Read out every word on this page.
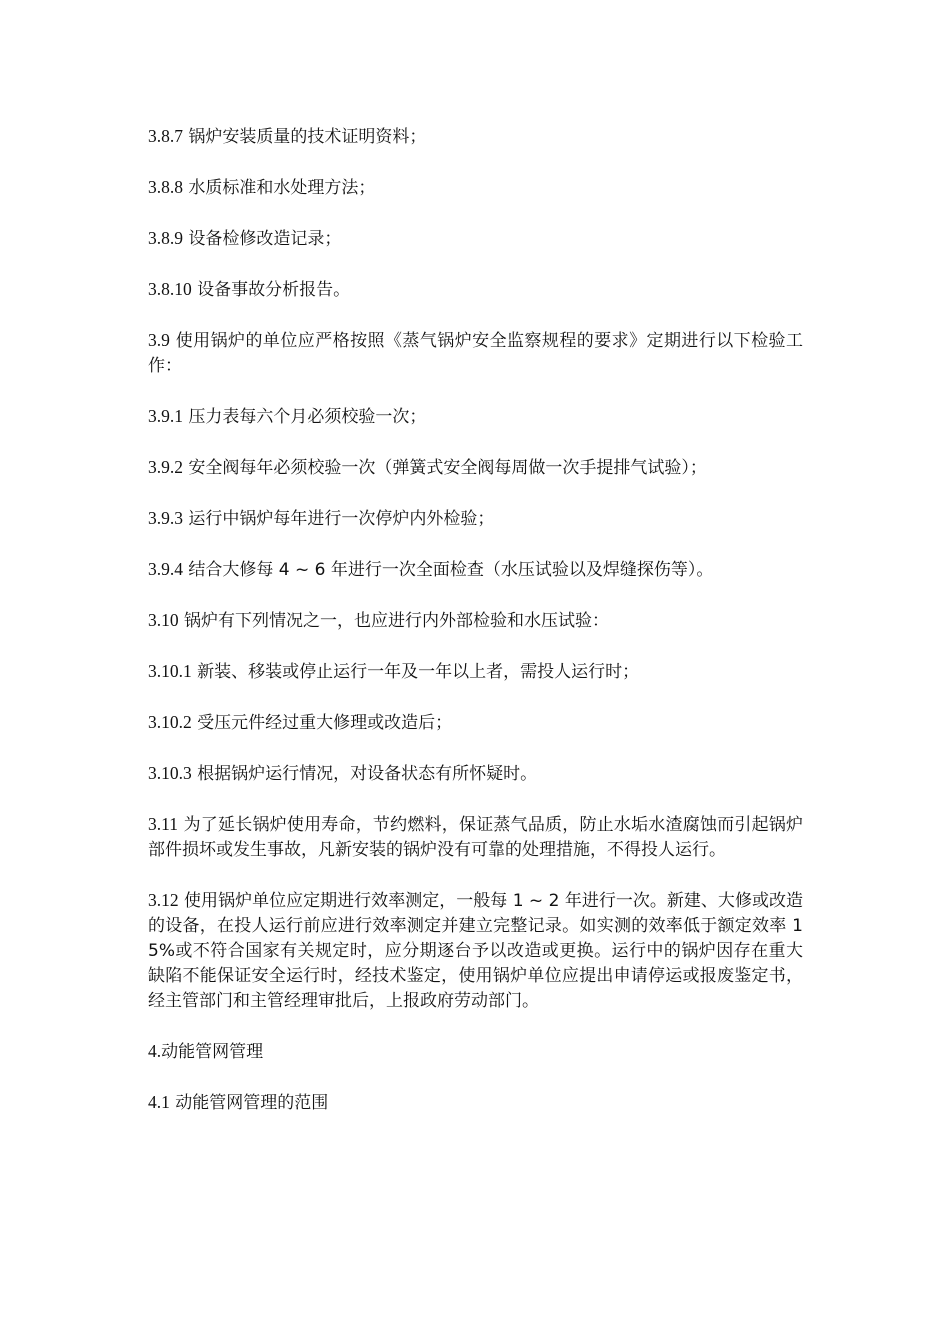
3.8.7 锅炉安装质量的技术证明资料；

3.8.8 水质标准和水处理方法；

3.8.9 设备检修改造记录；

3.8.10 设备事故分析报告。

3.9 使用锅炉的单位应严格按照《蒸气锅炉安全监察规程的要求》定期进行以下检验工作：

3.9.1 压力表每六个月必须校验一次；

3.9.2 安全阀每年必须校验一次（弹簧式安全阀每周做一次手提排气试验）；

3.9.3 运行中锅炉每年进行一次停炉内外检验；

3.9.4 结合大修每 4 ~ 6 年进行一次全面检查（水压试验以及焊缝探伤等）。

3.10 锅炉有下列情况之一，也应进行内外部检验和水压试验：

3.10.1 新装、移装或停止运行一年及一年以上者，需投人运行时；

3.10.2 受压元件经过重大修理或改造后；

3.10.3 根据锅炉运行情况，对设备状态有所怀疑时。

3.11 为了延长锅炉使用寿命，节约燃料，保证蒸气品质，防止水垢水渣腐蚀而引起锅炉部件损坏或发生事故，凡新安装的锅炉没有可靠的处理措施，不得投人运行。

3.12 使用锅炉单位应定期进行效率测定，一般每 1 ~ 2 年进行一次。新建、大修或改造的设备，在投人运行前应进行效率测定并建立完整记录。如实测的效率低于额定效率 15%或不符合国家有关规定时，应分期逐台予以改造或更换。运行中的锅炉因存在重大缺陷不能保证安全运行时，经技术鉴定，使用锅炉单位应提出申请停运或报废鉴定书，经主管部门和主管经理审批后，上报政府劳动部门。

4.动能管网管理

4.1 动能管网管理的范围
